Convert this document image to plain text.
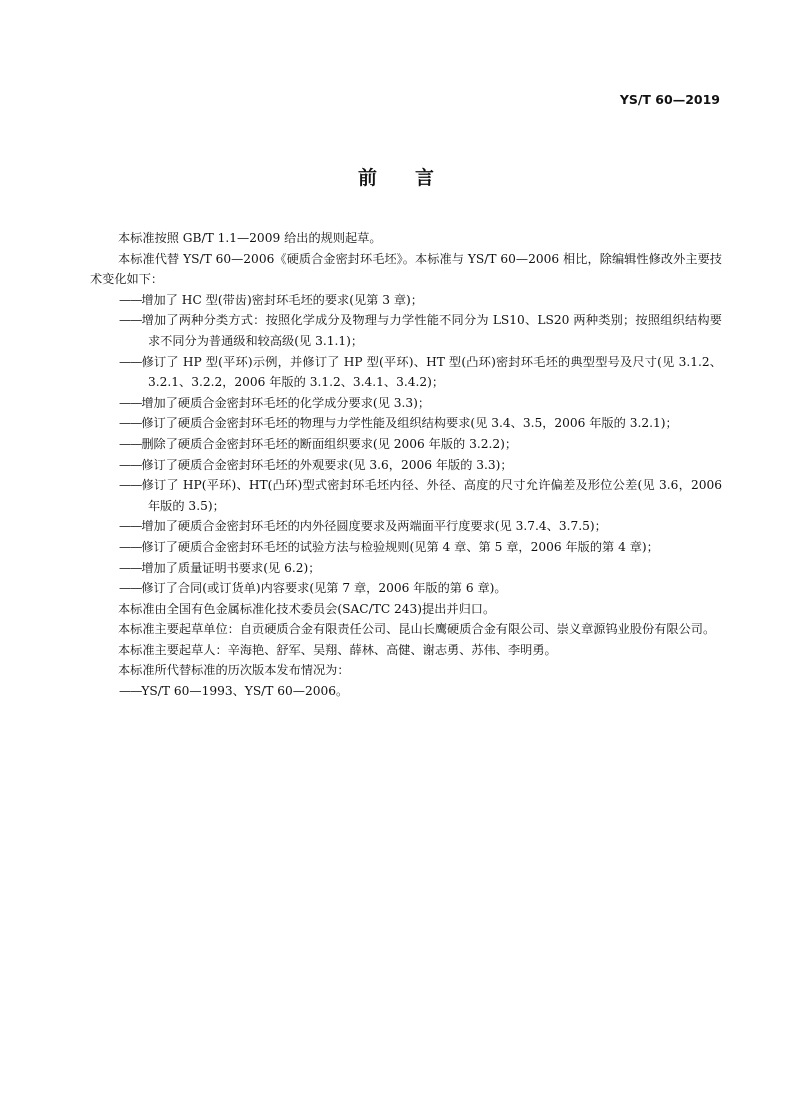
YS/T 60—2019
前言

本标准按照 GB/T 1.1—2009 给出的规则起草。

本标准代替 YS/T 60—2006《硬质合金密封环毛坯》。本标准与 YS/T 60—2006 相比，除编辑性修改外主要技术变化如下：

——增加了 HC 型(带齿)密封环毛坯的要求(见第 3 章)；

——增加了两种分类方式：按照化学成分及物理与力学性能不同分为 LS10、LS20 两种类别；按照组织结构要求不同分为普通级和较高级(见 3.1.1)；

——修订了 HP 型(平环)示例，并修订了 HP 型(平环)、HT 型(凸环)密封环毛坯的典型型号及尺寸(见 3.1.2、3.2.1、3.2.2，2006 年版的 3.1.2、3.4.1、3.4.2)；

——增加了硬质合金密封环毛坯的化学成分要求(见 3.3)；

——修订了硬质合金密封环毛坯的物理与力学性能及组织结构要求(见 3.4、3.5，2006 年版的 3.2.1)；

——删除了硬质合金密封环毛坯的断面组织要求(见 2006 年版的 3.2.2)；

——修订了硬质合金密封环毛坯的外观要求(见 3.6，2006 年版的 3.3)；

——修订了 HP(平环)、HT(凸环)型式密封环毛坯内径、外径、高度的尺寸允许偏差及形位公差(见 3.6，2006 年版的 3.5)；

——增加了硬质合金密封环毛坯的内外径圆度要求及两端面平行度要求(见 3.7.4、3.7.5)；

——修订了硬质合金密封环毛坯的试验方法与检验规则(见第 4 章、第 5 章，2006 年版的第 4 章)；

——增加了质量证明书要求(见 6.2)；

——修订了合同(或订货单)内容要求(见第 7 章，2006 年版的第 6 章)。

本标准由全国有色金属标准化技术委员会(SAC/TC 243)提出并归口。

本标准主要起草单位：自贡硬质合金有限责任公司、昆山长鹰硬质合金有限公司、崇义章源钨业股份有限公司。

本标准主要起草人：辛海艳、舒军、吴翔、薛林、高健、谢志勇、苏伟、李明勇。

本标准所代替标准的历次版本发布情况为：

——YS/T 60—1993、YS/T 60—2006。
